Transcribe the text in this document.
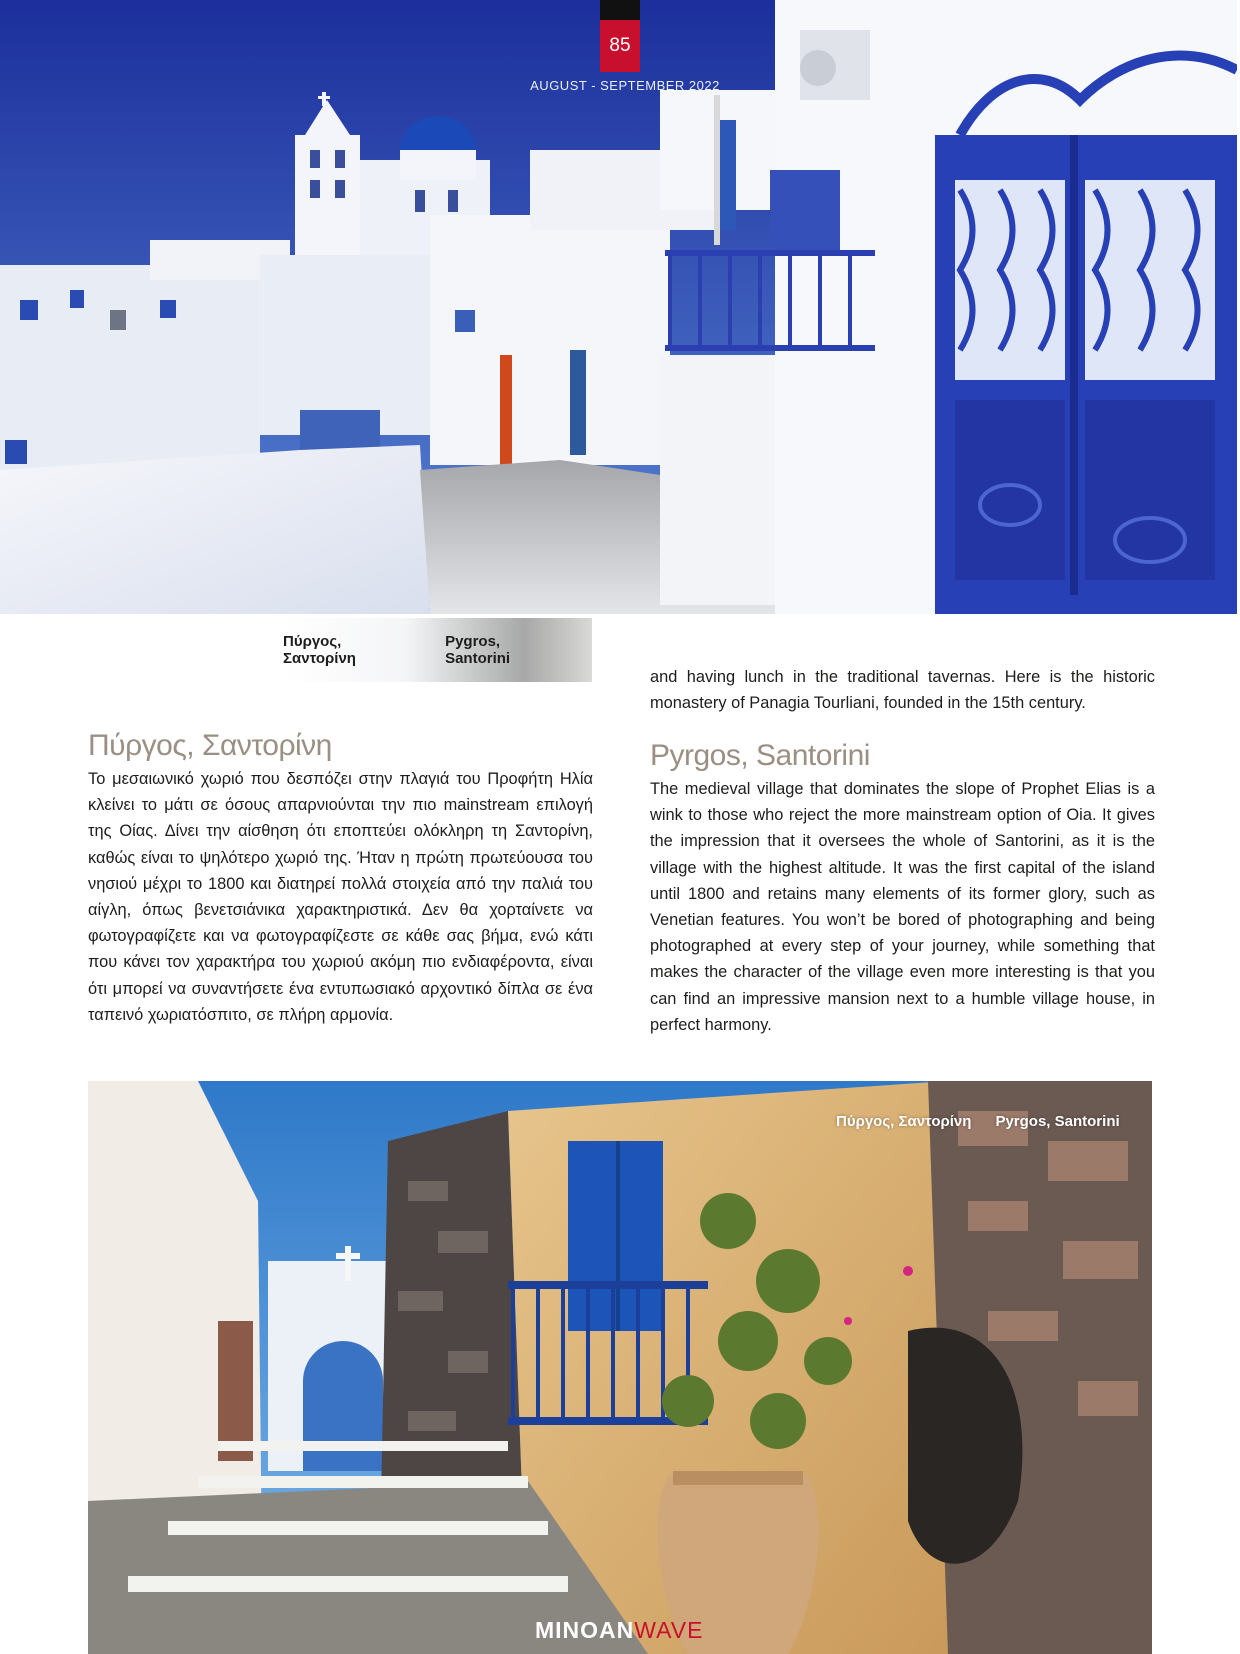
85
AUGUST - SEPTEMBER 2022
Πύργος, Σαντορίνη
Pygros, Santorini
Πύργος, Σαντορίνη

Το μεσαιωνικό χωριό που δεσπόζει στην πλαγιά του Προφήτη Ηλία κλείνει το μάτι σε όσους απαρνιούνται την πιο mainstream επιλογή της Οίας. Δίνει την αίσθηση ότι εποπτεύει ολόκληρη τη Σαντορίνη, καθώς είναι το ψηλότερο χωριό της. Ήταν η πρώτη πρωτεύουσα του νησιού μέχρι το 1800 και διατηρεί πολλά στοιχεία από την παλιά του αίγλη, όπως βενετσιάνικα χαρακτηριστικά. Δεν θα χορταίνετε να φωτογραφίζετε και να φωτογραφίζεστε σε κάθε σας βήμα, ενώ κάτι που κάνει τον χαρακτήρα του χωριού ακόμη πιο ενδιαφέροντα, είναι ότι μπορεί να συναντήσετε ένα εντυπωσιακό αρχοντικό δίπλα σε ένα ταπεινό χωριατόσπιτο, σε πλήρη αρμονία.

and having lunch in the traditional tavernas. Here is the historic monastery of Panagia Tourliani, founded in the 15th century.

Pyrgos, Santorini

The medieval village that dominates the slope of Prophet Elias is a wink to those who reject the more mainstream option of Oia. It gives the impression that it oversees the whole of Santorini, as it is the village with the highest altitude. It was the first capital of the island until 1800 and retains many elements of its former glory, such as Venetian features. You won’t be bored of photographing and being photographed at every step of your journey, while something that makes the character of the village even more interesting is that you can find an impressive mansion next to a humble village house, in perfect harmony.

Πύργος, Σαντορίνη Pyrgos, Santorini
MINOANWAVE
